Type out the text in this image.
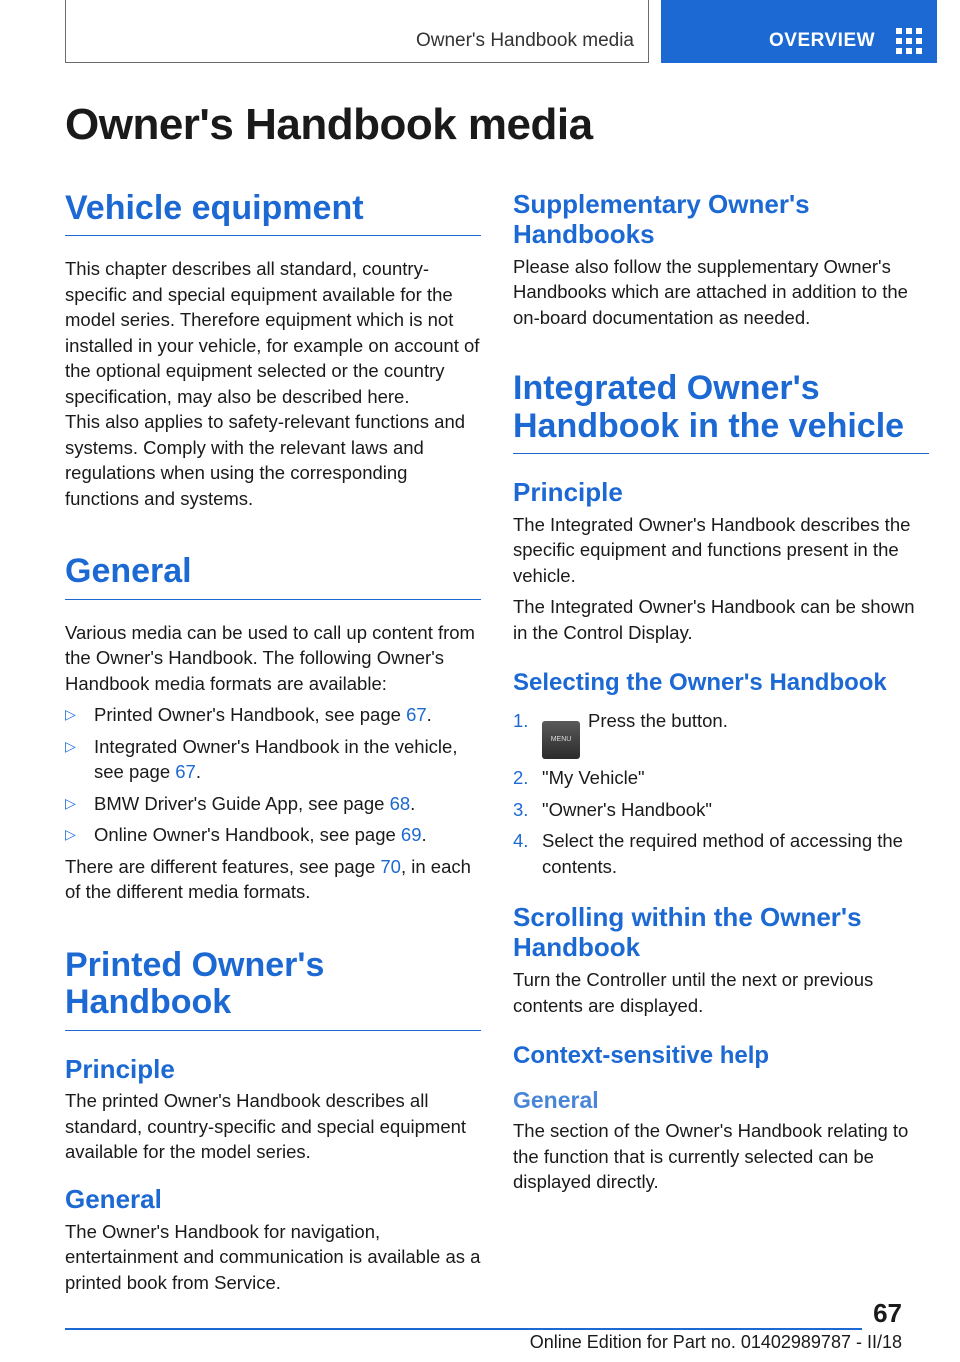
Owner's Handbook media	OVERVIEW
Owner's Handbook media
Vehicle equipment

This chapter describes all standard, country-specific and special equipment available for the model series. Therefore equipment which is not installed in your vehicle, for example on account of the optional equipment selected or the country specification, may also be described here.

This also applies to safety-relevant functions and systems. Comply with the relevant laws and regulations when using the corresponding functions and systems.

General

Various media can be used to call up content from the Owner's Handbook. The following Owner's Handbook media formats are available:

▷ Printed Owner's Handbook, see page 67.
▷ Integrated Owner's Handbook in the vehicle, see page 67.
▷ BMW Driver's Guide App, see page 68.
▷ Online Owner's Handbook, see page 69.

There are different features, see page 70, in each of the different media formats.

Printed Owner's Handbook
Principle

The printed Owner's Handbook describes all standard, country-specific and special equipment available for the model series.

General

The Owner's Handbook for navigation, entertainment and communication is available as a printed book from Service.

Supplementary Owner's Handbooks

Please also follow the supplementary Owner's Handbooks which are attached in addition to the on-board documentation as needed.

Integrated Owner's Handbook in the vehicle
Principle

The Integrated Owner's Handbook describes the specific equipment and functions present in the vehicle.

The Integrated Owner's Handbook can be shown in the Control Display.

Selecting the Owner's Handbook
1.
MENUPress the button.
2. "My Vehicle"
3. "Owner's Handbook"
4. Select the required method of accessing the contents.
Scrolling within the Owner's Handbook

Turn the Controller until the next or previous contents are displayed.

Context-sensitive help
General

The section of the Owner's Handbook relating to the function that is currently selected can be displayed directly.

67
Online Edition for Part no. 01402989787 - II/18
